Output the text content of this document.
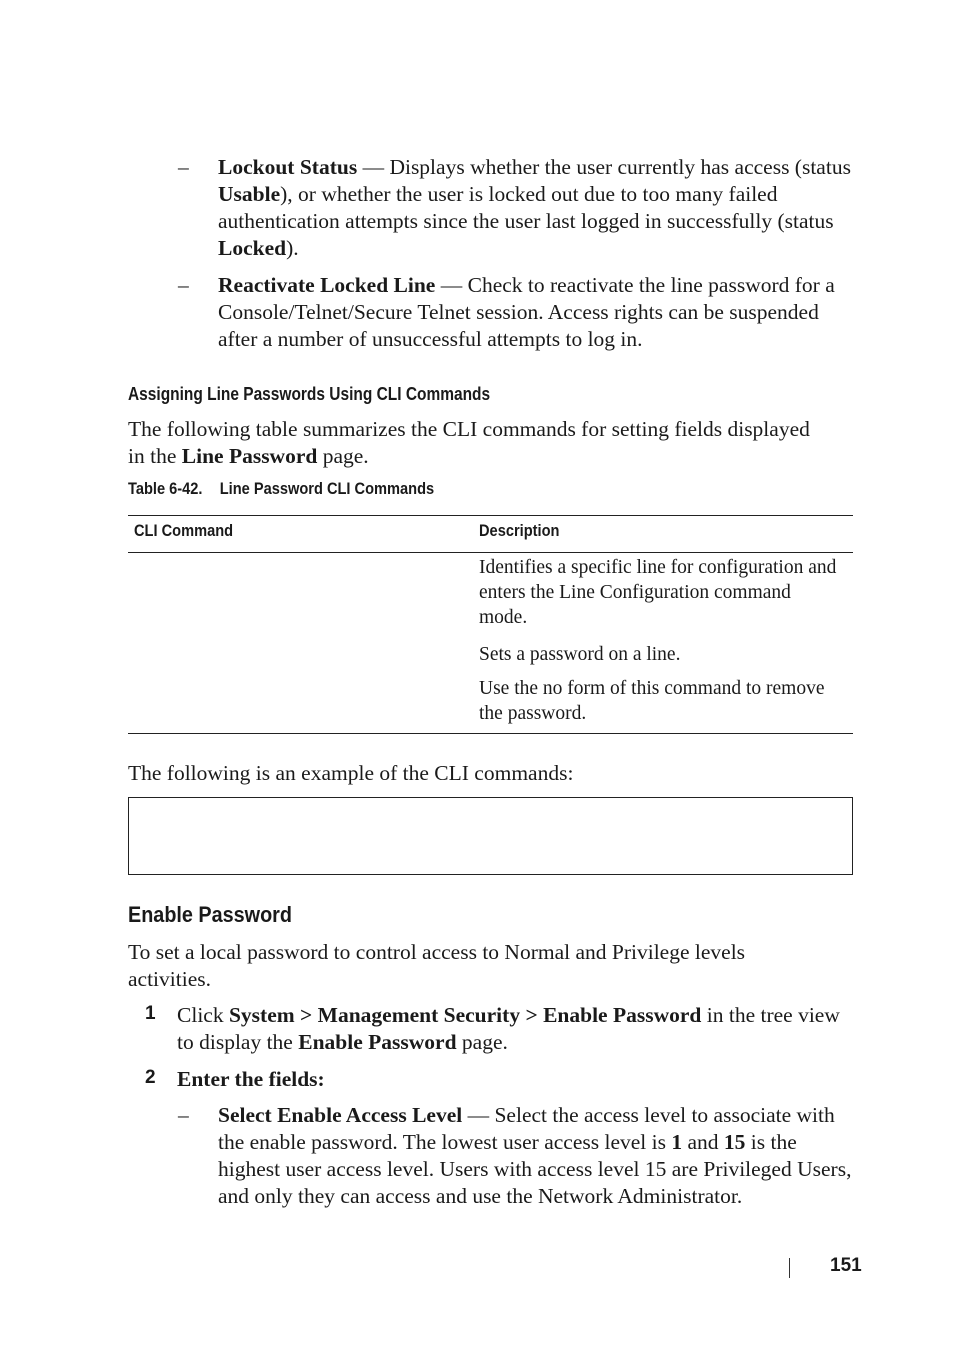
– Lockout Status — Displays whether the user currently has access (status Usable), or whether the user is locked out due to too many failed authentication attempts since the user last logged in successfully (status Locked).
– Reactivate Locked Line — Check to reactivate the line password for a Console/Telnet/Secure Telnet session. Access rights can be suspended after a number of unsuccessful attempts to log in.
Assigning Line Passwords Using CLI Commands
The following table summarizes the CLI commands for setting fields displayed in the Line Password page.
Table 6-42. Line Password CLI Commands
CLI Command	Description
Identifies a specific line for configuration and enters the Line Configuration command mode.
Sets a password on a line.
Use the no form of this command to remove the password.
The following is an example of the CLI commands:
Enable Password
To set a local password to control access to Normal and Privilege levels activities.
1 Click System > Management Security > Enable Password in the tree view to display the Enable Password page.
2 Enter the fields:
– Select Enable Access Level — Select the access level to associate with the enable password. The lowest user access level is 1 and 15 is the highest user access level. Users with access level 15 are Privileged Users, and only they can access and use the Network Administrator.
151
